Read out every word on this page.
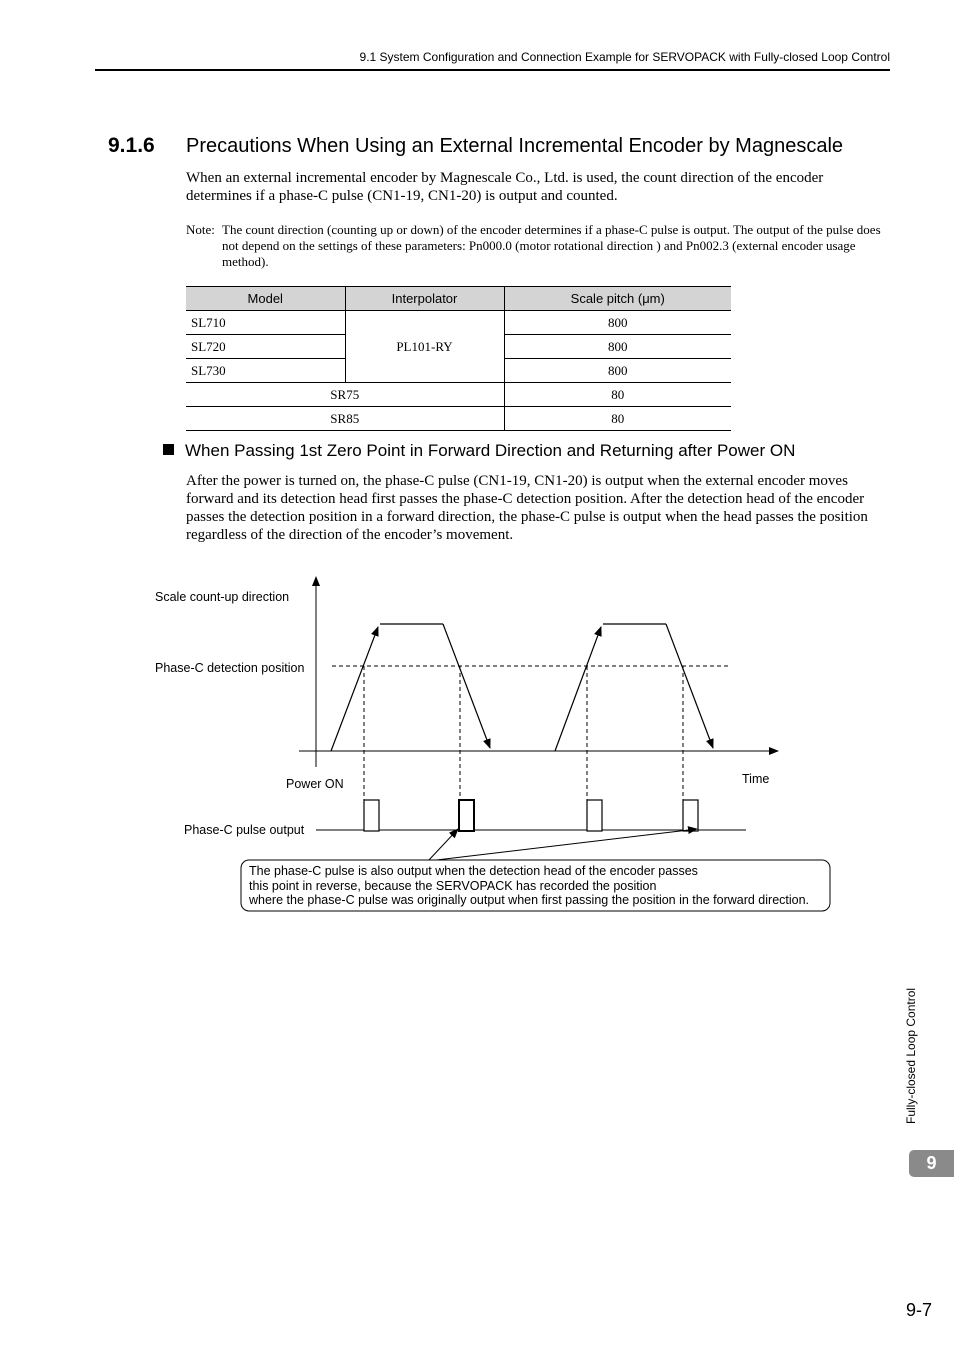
9.1 System Configuration and Connection Example for SERVOPACK with Fully-closed Loop Control
9.1.6 Precautions When Using an External Incremental Encoder by Magnescale

When an external incremental encoder by Magnescale Co., Ltd. is used, the count direction of the encoder determines if a phase-C pulse (CN1-19, CN1-20) is output and counted.

Note: The count direction (counting up or down) of the encoder determines if a phase-C pulse is output. The output of the pulse does not depend on the settings of these parameters: Pn000.0 (motor rotational direction ) and Pn002.3 (external encoder usage method).
Model	Interpolator	Scale pitch (μm)
SL710	PL101-RY	800
SL720		800
SL730		800
SR75		80
SR85		80
When Passing 1st Zero Point in Forward Direction and Returning after Power ON

After the power is turned on, the phase-C pulse (CN1-19, CN1-20) is output when the external encoder moves forward and its detection head first passes the phase-C detection position. After the detection head of the encoder passes the detection position in a forward direction, the phase-C pulse is output when the head passes the position regardless of the direction of the encoder’s movement.

Scale count-up direction
Phase-C detection position
Power ON	Time
Phase-C pulse output
The phase-C pulse is also output when the detection head of the encoder passes
this point in reverse, because the SERVOPACK has recorded the position
where the phase-C pulse was originally output when first passing the position in the forward direction.
Fully-closed Loop Control
9
9-7
